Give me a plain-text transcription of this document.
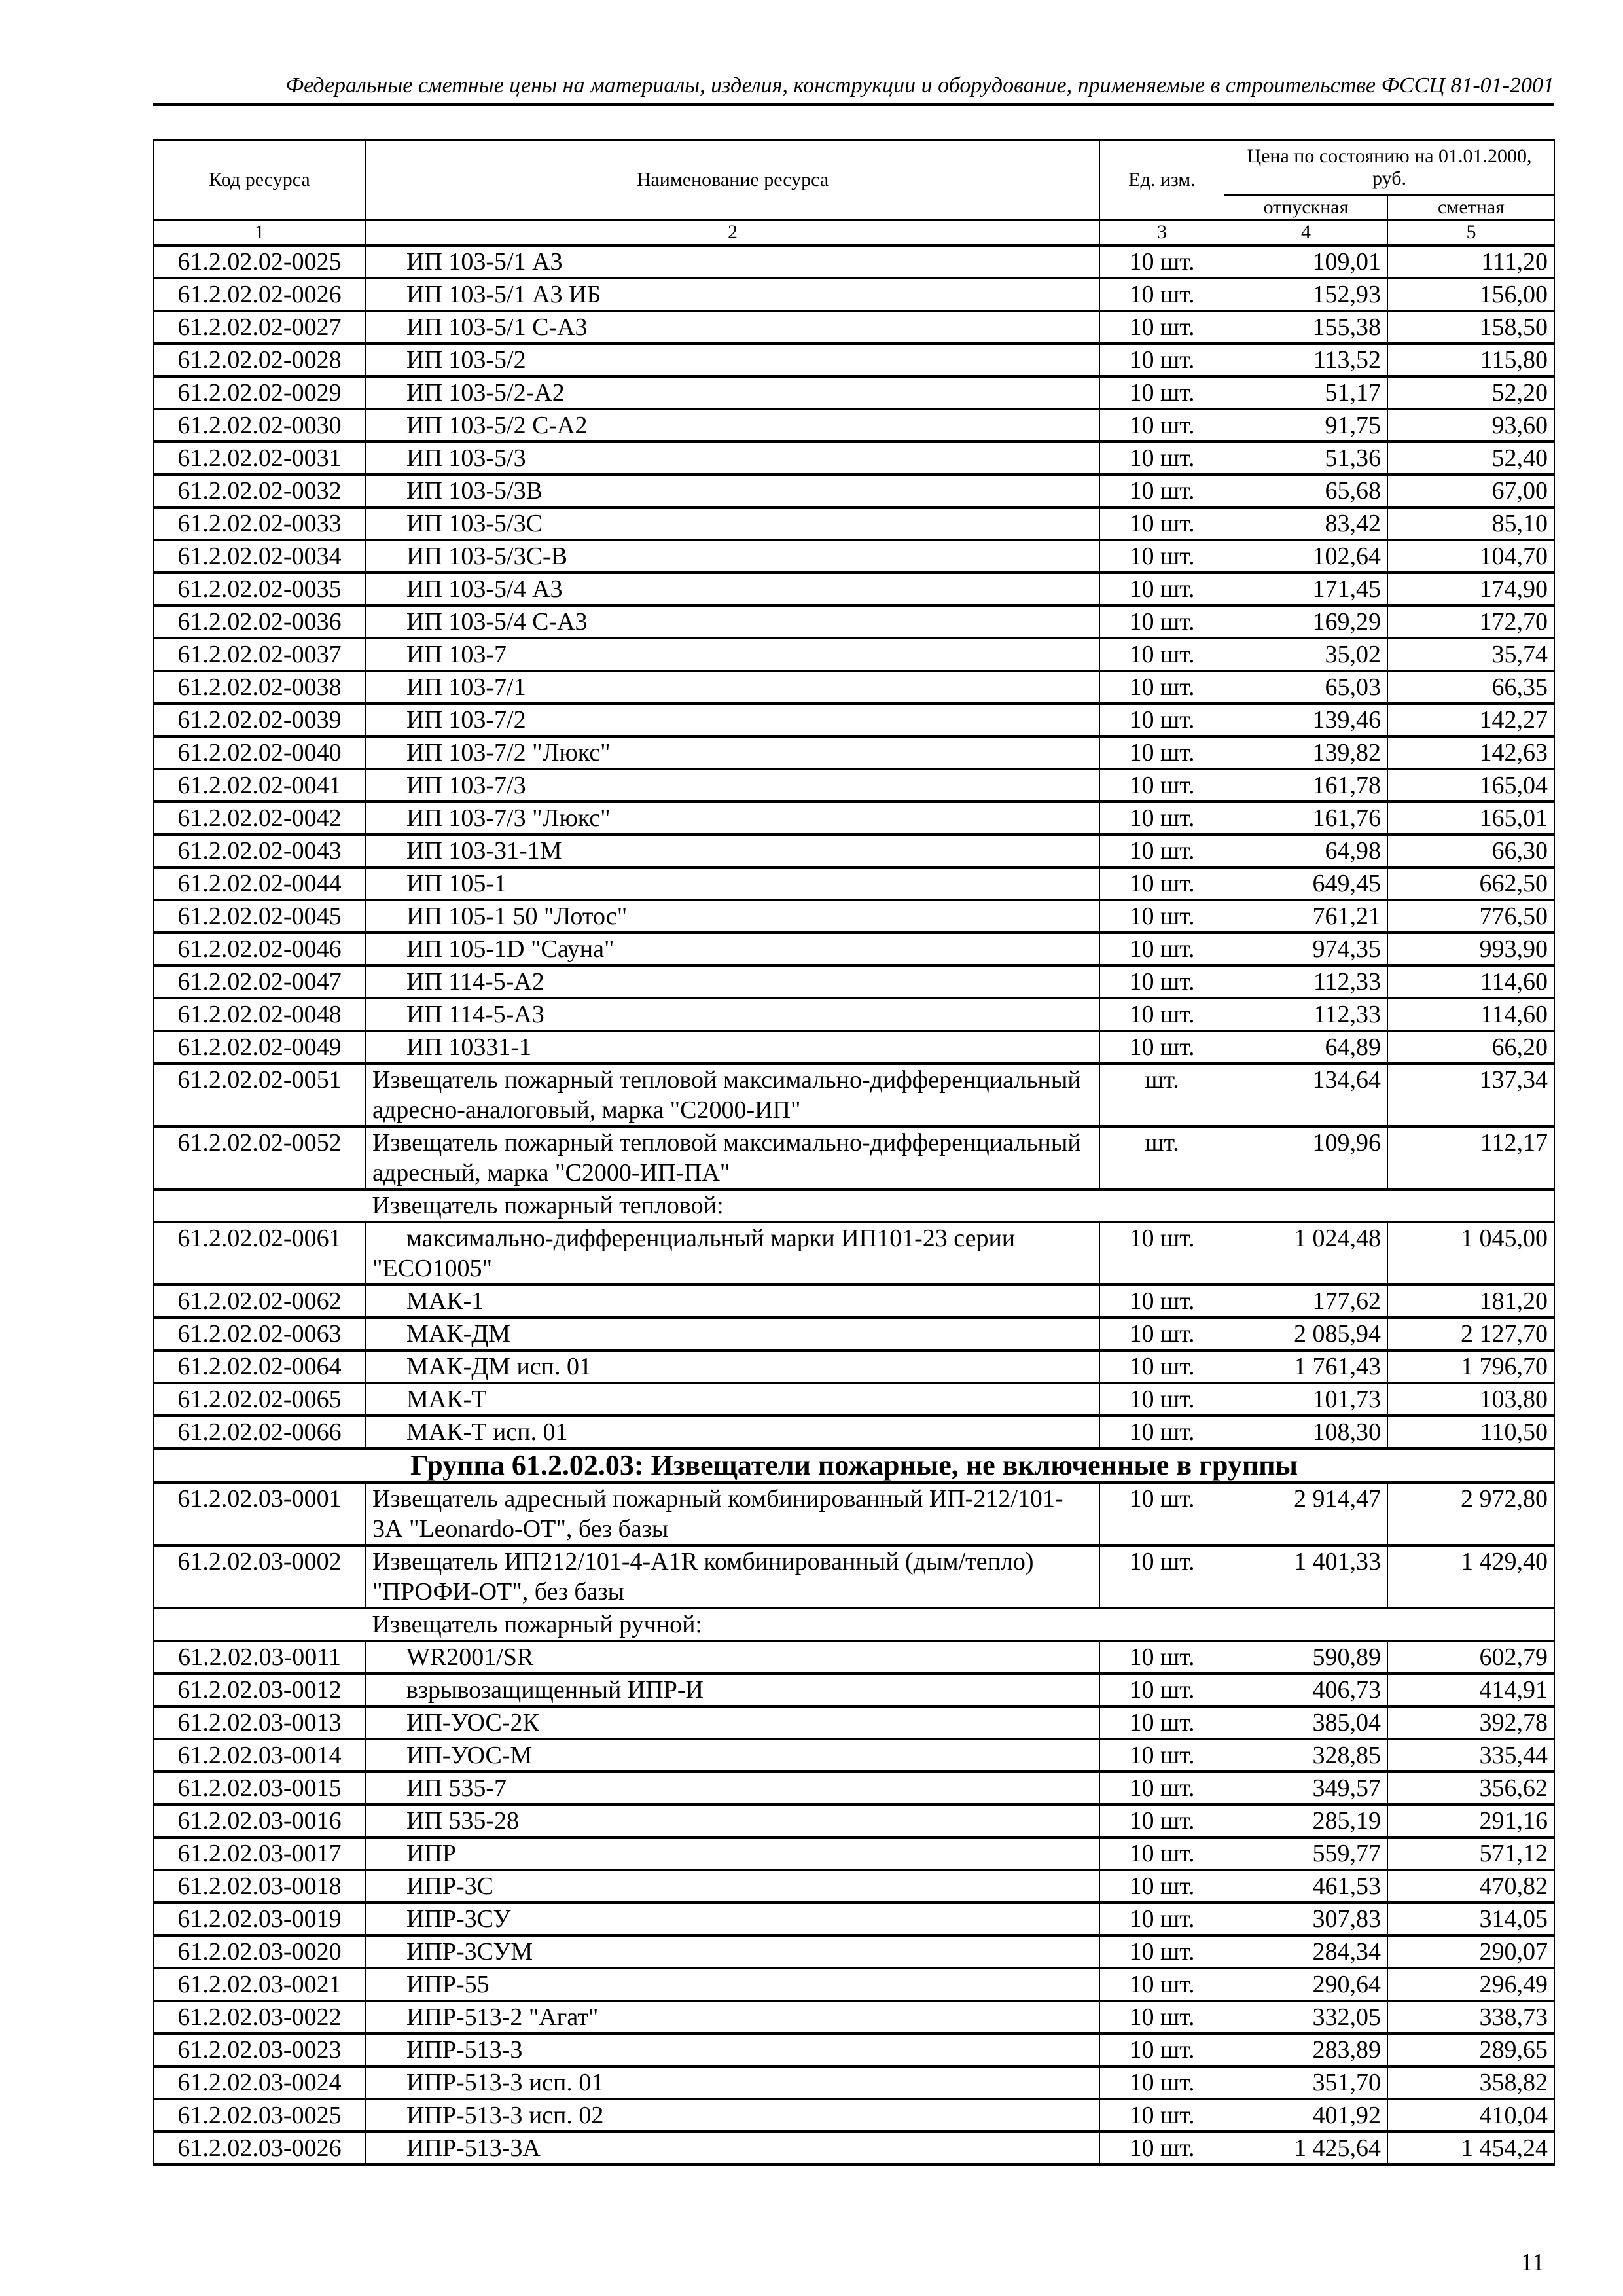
Федеральные сметные цены на материалы, изделия, конструкции и оборудование, применяемые в строительстве ФССЦ 81-01-2001
Код ресурса	Наименование ресурса	Ед. изм.	Цена по состоянию на 01.01.2000, руб.	
			отпускная	сметная
1	2	3	4	5
61.2.02.02-0025	ИП 103-5/1 А3	10 шт.	109,01	111,20
61.2.02.02-0026	ИП 103-5/1 А3 ИБ	10 шт.	152,93	156,00
61.2.02.02-0027	ИП 103-5/1 С-А3	10 шт.	155,38	158,50
61.2.02.02-0028	ИП 103-5/2	10 шт.	113,52	115,80
61.2.02.02-0029	ИП 103-5/2-А2	10 шт.	51,17	52,20
61.2.02.02-0030	ИП 103-5/2 С-А2	10 шт.	91,75	93,60
61.2.02.02-0031	ИП 103-5/3	10 шт.	51,36	52,40
61.2.02.02-0032	ИП 103-5/3В	10 шт.	65,68	67,00
61.2.02.02-0033	ИП 103-5/3С	10 шт.	83,42	85,10
61.2.02.02-0034	ИП 103-5/3С-В	10 шт.	102,64	104,70
61.2.02.02-0035	ИП 103-5/4 А3	10 шт.	171,45	174,90
61.2.02.02-0036	ИП 103-5/4 С-А3	10 шт.	169,29	172,70
61.2.02.02-0037	ИП 103-7	10 шт.	35,02	35,74
61.2.02.02-0038	ИП 103-7/1	10 шт.	65,03	66,35
61.2.02.02-0039	ИП 103-7/2	10 шт.	139,46	142,27
61.2.02.02-0040	ИП 103-7/2 "Люкс"	10 шт.	139,82	142,63
61.2.02.02-0041	ИП 103-7/3	10 шт.	161,78	165,04
61.2.02.02-0042	ИП 103-7/3 "Люкс"	10 шт.	161,76	165,01
61.2.02.02-0043	ИП 103-31-1М	10 шт.	64,98	66,30
61.2.02.02-0044	ИП 105-1	10 шт.	649,45	662,50
61.2.02.02-0045	ИП 105-1 50 "Лотос"	10 шт.	761,21	776,50
61.2.02.02-0046	ИП 105-1D "Сауна"	10 шт.	974,35	993,90
61.2.02.02-0047	ИП 114-5-А2	10 шт.	112,33	114,60
61.2.02.02-0048	ИП 114-5-А3	10 шт.	112,33	114,60
61.2.02.02-0049	ИП 10331-1	10 шт.	64,89	66,20
61.2.02.02-0051	Извещатель пожарный тепловой максимально-дифференциальный адресно-аналоговый, марка "С2000-ИП"	шт.	134,64	137,34
61.2.02.02-0052	Извещатель пожарный тепловой максимально-дифференциальный адресный, марка "С2000-ИП-ПА"	шт.	109,96	112,17
	Извещатель пожарный тепловой:			
61.2.02.02-0061	максимально-дифференциальный марки ИП101-23 серии "ECO1005"	10 шт.	1 024,48	1 045,00
61.2.02.02-0062	МАК-1	10 шт.	177,62	181,20
61.2.02.02-0063	МАК-ДМ	10 шт.	2 085,94	2 127,70
61.2.02.02-0064	МАК-ДМ исп. 01	10 шт.	1 761,43	1 796,70
61.2.02.02-0065	МАК-Т	10 шт.	101,73	103,80
61.2.02.02-0066	МАК-Т исп. 01	10 шт.	108,30	110,50
Группа 61.2.02.03: Извещатели пожарные, не включенные в группы				
61.2.02.03-0001	Извещатель адресный пожарный комбинированный ИП-212/101- 3А "Leonardo-ОТ", без базы	10 шт.	2 914,47	2 972,80
61.2.02.03-0002	Извещатель ИП212/101-4-A1R комбинированный (дым/тепло) "ПРОФИ-ОТ", без базы	10 шт.	1 401,33	1 429,40
	Извещатель пожарный ручной:			
61.2.02.03-0011	WR2001/SR	10 шт.	590,89	602,79
61.2.02.03-0012	взрывозащищенный ИПР-И	10 шт.	406,73	414,91
61.2.02.03-0013	ИП-УОС-2К	10 шт.	385,04	392,78
61.2.02.03-0014	ИП-УОС-М	10 шт.	328,85	335,44
61.2.02.03-0015	ИП 535-7	10 шт.	349,57	356,62
61.2.02.03-0016	ИП 535-28	10 шт.	285,19	291,16
61.2.02.03-0017	ИПР	10 шт.	559,77	571,12
61.2.02.03-0018	ИПР-3С	10 шт.	461,53	470,82
61.2.02.03-0019	ИПР-3СУ	10 шт.	307,83	314,05
61.2.02.03-0020	ИПР-3СУМ	10 шт.	284,34	290,07
61.2.02.03-0021	ИПР-55	10 шт.	290,64	296,49
61.2.02.03-0022	ИПР-513-2 "Агат"	10 шт.	332,05	338,73
61.2.02.03-0023	ИПР-513-3	10 шт.	283,89	289,65
61.2.02.03-0024	ИПР-513-3 исп. 01	10 шт.	351,70	358,82
61.2.02.03-0025	ИПР-513-3 исп. 02	10 шт.	401,92	410,04
61.2.02.03-0026	ИПР-513-3А	10 шт.	1 425,64	1 454,24
11
